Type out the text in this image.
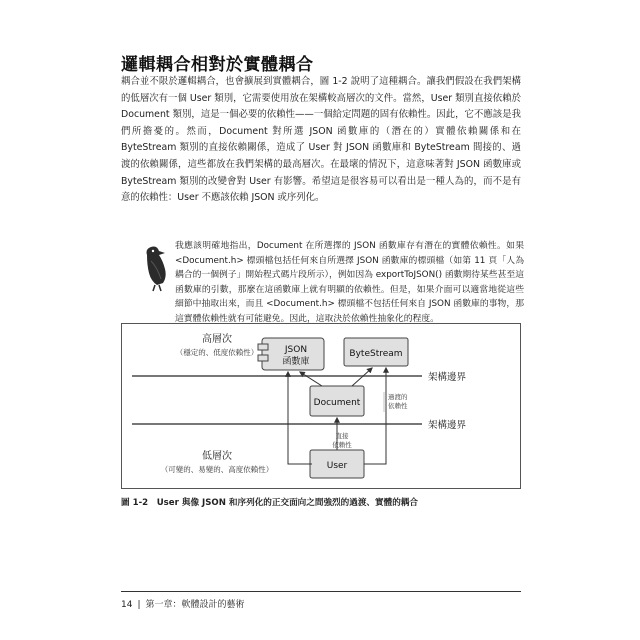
邏輯耦合相對於實體耦合

耦合並不限於邏輯耦合，也會擴展到實體耦合，圖 1-2 說明了這種耦合。讓我們假設在我們架構的低層次有一個 User 類別，它需要使用放在架構較高層次的文件。當然，User 類別直接依賴於 Document 類別，這是一個必要的依賴性——一個給定問題的固有依賴性。因此，它不應該是我們所擔憂的。然而，Document 對所選 JSON 函數庫的（潛在的）實體依賴關係和在 ByteStream 類別的直接依賴關係，造成了 User 對 JSON 函數庫和 ByteStream 間接的、過渡的依賴關係，這些都放在我們架構的最高層次。在最壞的情況下，這意味著對 JSON 函數庫或 ByteStream 類別的改變會對 User 有影響。希望這是很容易可以看出是一種人為的，而不是有意的依賴性：User 不應該依賴 JSON 或序列化。

我應該明確地指出，Document 在所選擇的 JSON 函數庫存有潛在的實體依賴性。如果 <Document.h> 標頭檔包括任何來自所選擇 JSON 函數庫的標頭檔（如第 11 頁「人為耦合的一個例子」開始程式碼片段所示），例如因為 exportToJSON() 函數期待某些甚至這函數庫的引數，那麼在這函數庫上就有明顯的依賴性。但是，如果介面可以適當地從這些細節中抽取出來，而且 <Document.h> 標頭檔不包括任何來自 JSON 函數庫的事物，那這實體依賴性就有可能避免。因此，這取決於依賴性抽象化的程度。

高層次
（穩定的、低度依賴性）	JSON
函數庫
ByteStream
架構邊界
Document
過渡的
依賴性
架構邊界
直接
依賴性
User
低層次
（可變的、易變的、高度依賴性）
圖 1-2　User 與像 JSON 和序列化的正交面向之間強烈的過渡、實體的耦合
14 | 第一章：軟體設計的藝術
